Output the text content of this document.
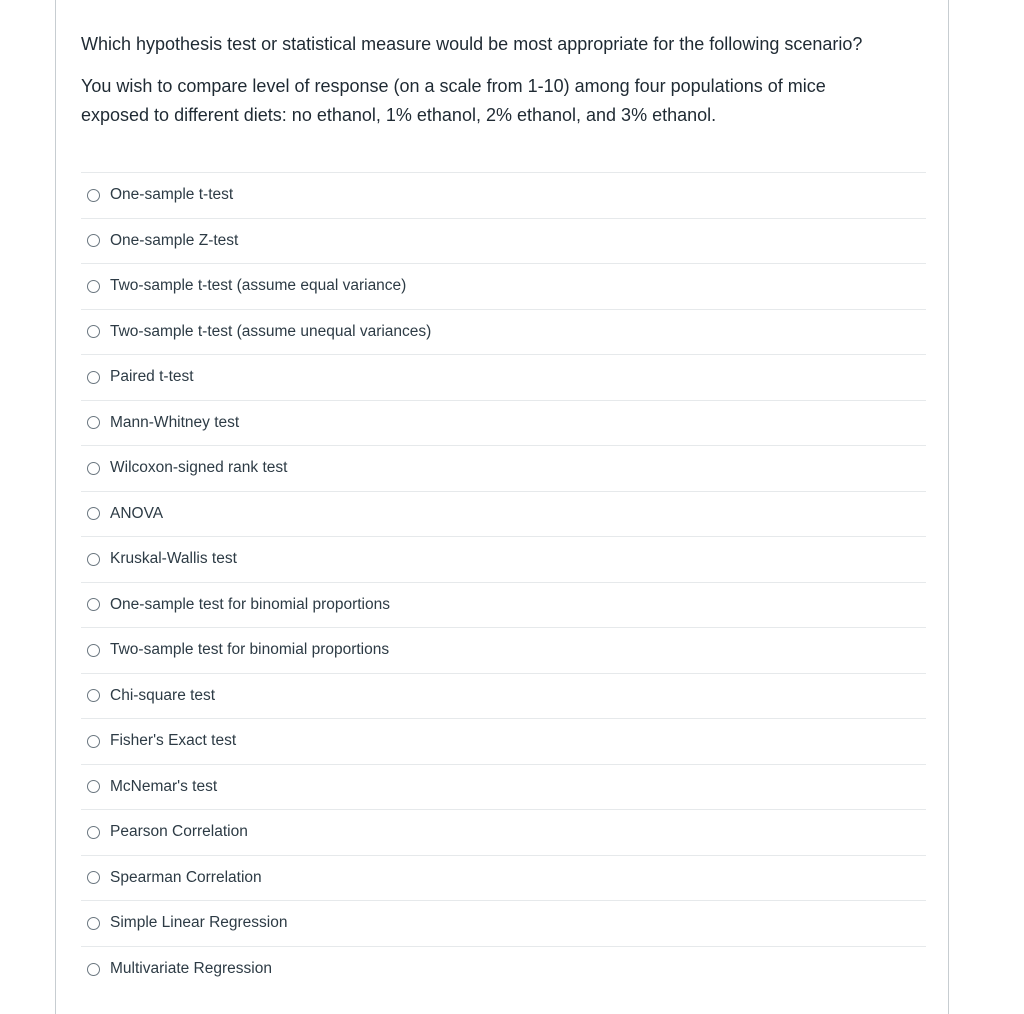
Which hypothesis test or statistical measure would be most appropriate for the following scenario?

You wish to compare level of response (on a scale from 1-10) among four populations of mice
exposed to different diets: no ethanol, 1% ethanol, 2% ethanol, and 3% ethanol.

One-sample t-test
One-sample Z-test
Two-sample t-test (assume equal variance)
Two-sample t-test (assume unequal variances)
Paired t-test
Mann-Whitney test
Wilcoxon-signed rank test
ANOVA
Kruskal-Wallis test
One-sample test for binomial proportions
Two-sample test for binomial proportions
Chi-square test
Fisher's Exact test
McNemar's test
Pearson Correlation
Spearman Correlation
Simple Linear Regression
Multivariate Regression
